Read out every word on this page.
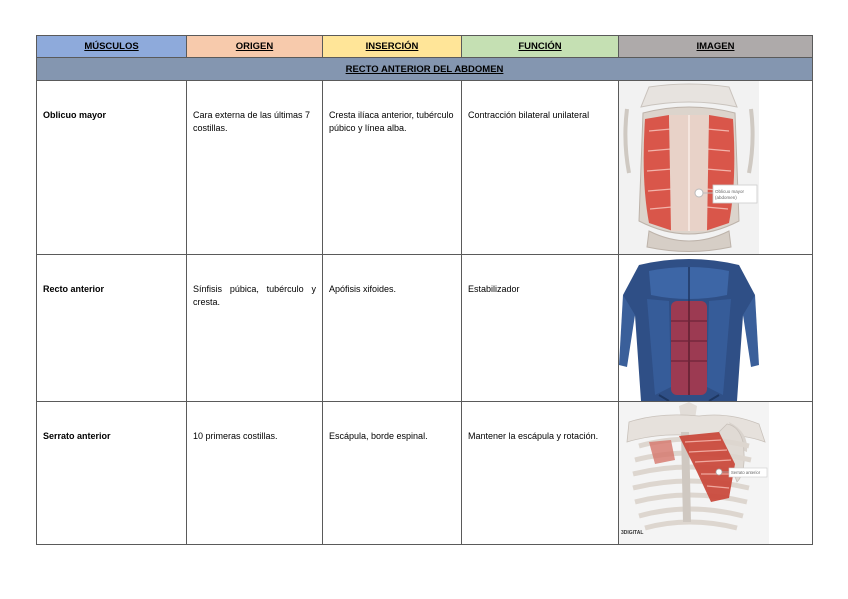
MÚSCULOS	ORIGEN	INSERCIÓN	FUNCIÓN	IMAGEN
RECTO ANTERIOR DEL ABDOMEN				

Oblicuo mayor	Cara externa de las últimas 7 costillas.	Cresta ilíaca anterior, tubérculo púbico y línea alba.	Contracción bilateral unilateral	Oblicuo mayor
(abdomen)

Recto anterior	Sínfisis púbica, tubérculo y cresta.	Apófisis xifoides.	Estabilizador

Serrato anterior	10 primeras costillas.	Escápula, borde espinal.	Mantener la escápula y rotación.	Serrato anterior
3DIGITAL
